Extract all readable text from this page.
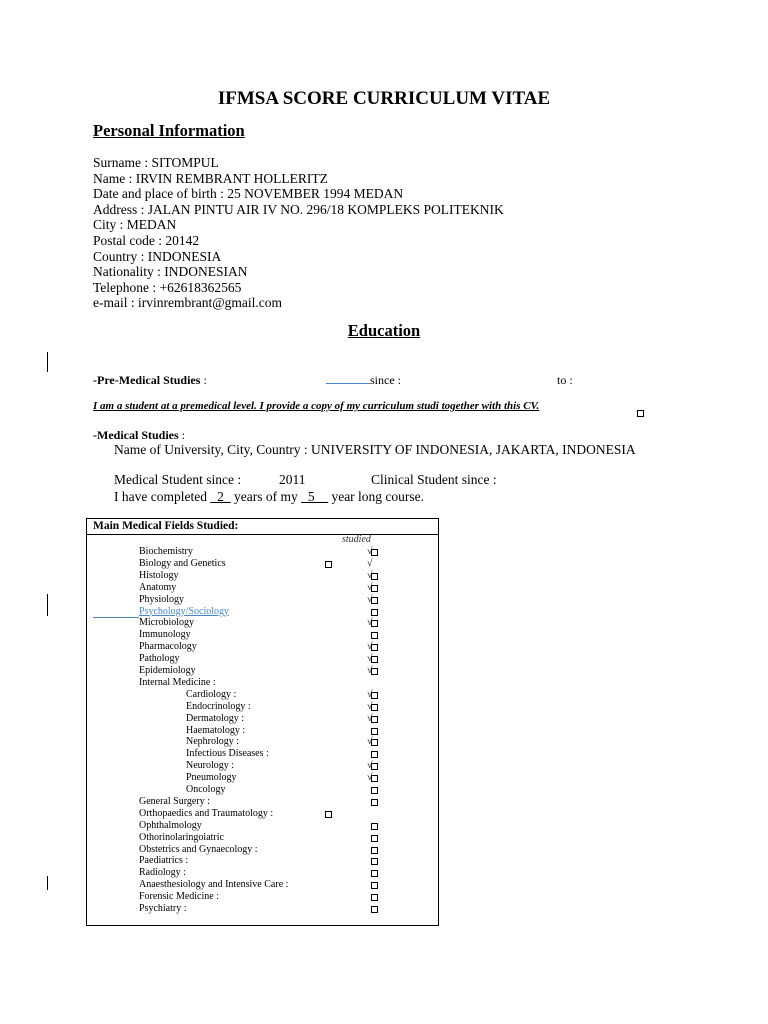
IFMSA SCORE CURRICULUM VITAE
Personal Information
Surname : SITOMPUL
Name : IRVIN REMBRANT HOLLERITZ
Date and place of birth : 25 NOVEMBER 1994 MEDAN
Address : JALAN PINTU AIR IV NO. 296/18 KOMPLEKS POLITEKNIK
City : MEDAN
Postal code : 20142
Country : INDONESIA
Nationality : INDONESIAN
Telephone : +62618362565
e-mail : irvinrembrant@gmail.com
Education
-Pre-Medical Studies :	since :	to :
I am a student at a premedical level. I provide a copy of my curriculum studi together with this CV.
-Medical Studies :
Name of University, City, Country : UNIVERSITY OF INDONESIA, JAKARTA, INDONESIA
Medical Student since :	2011	Clinical Student since :
I have completed _2_ years of my _5__ year long course.
Main Medical Fields Studied:
studied
Biochemistry	√
Biology and Genetics	√
Histology	√
Anatomy	√
Physiology	√
Psychology/Sociology
Microbiology	√
Immunology
Pharmacology	√
Pathology	√
Epidemiology	√
Internal Medicine :
Cardiology :	√
Endocrinology :	√
Dermatology :	√
Haematology :
Nephrology :	√
Infectious Diseases :
Neurology :	√
Pneumology	√
Oncology
General Surgery :
Orthopaedics and Traumatology :
Ophthalmology
Othorinolaringoiatric
Obstetrics and Gynaecology :
Paediatrics :
Radiology :
Anaesthesiology and Intensive Care :
Forensic Medicine :
Psychiatry :
